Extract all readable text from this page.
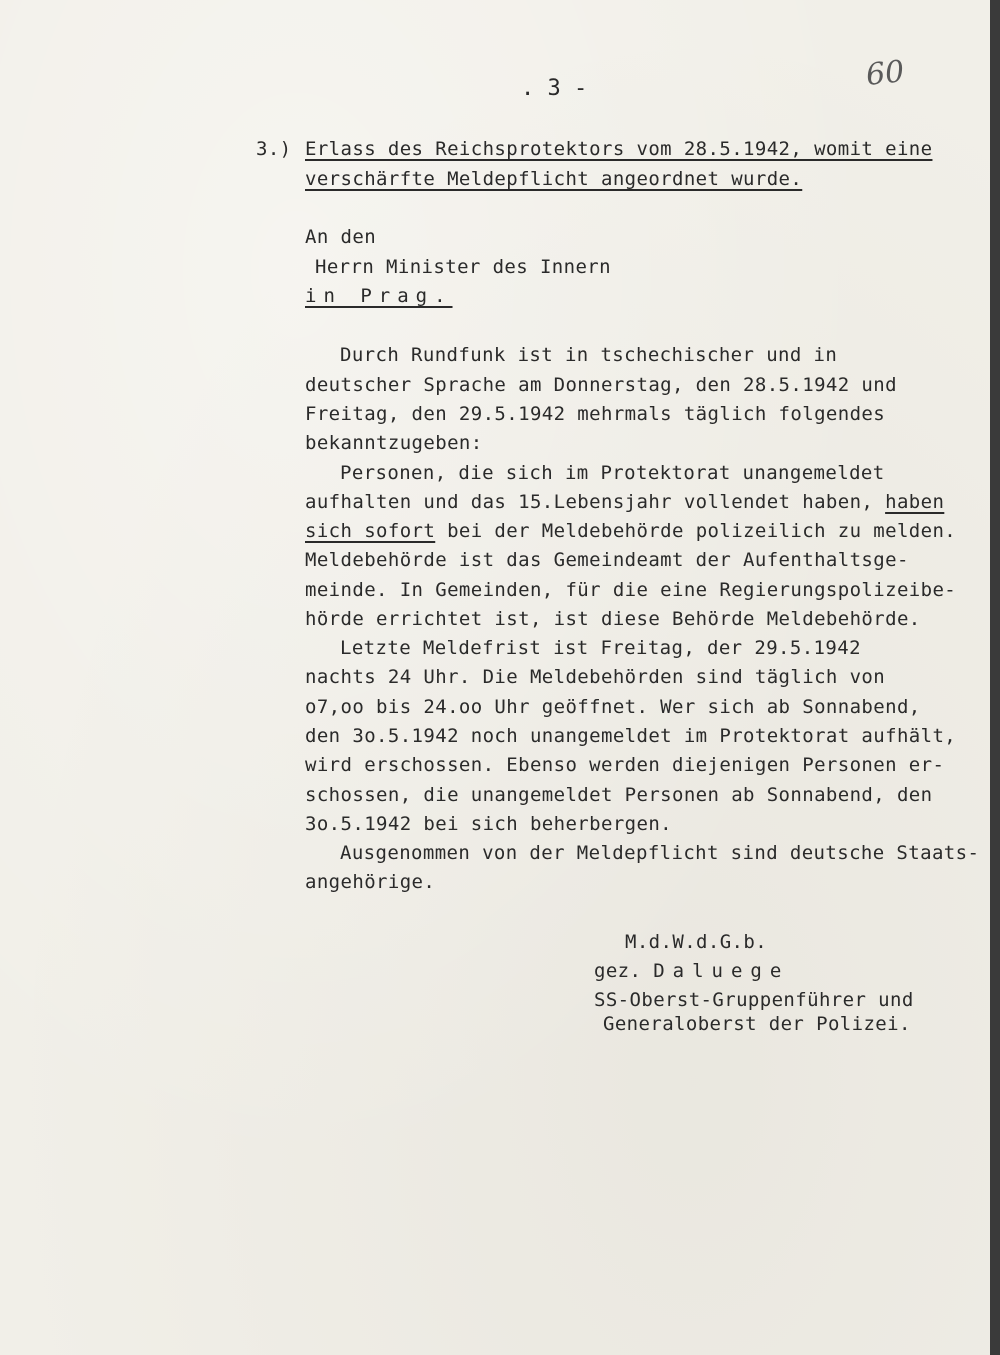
60
. 3 -
3.) Erlass des Reichsprotektors vom 28.5.1942, womit eine
verschärfte Meldepflicht angeordnet wurde.
An den
Herrn Minister des Innern
in Prag.
Durch Rundfunk ist in tschechischer und in
deutscher Sprache am Donnerstag, den 28.5.1942 und
Freitag, den 29.5.1942 mehrmals täglich folgendes
bekanntzugeben:
Personen, die sich im Protektorat unangemeldet
aufhalten und das 15.Lebensjahr vollendet haben, haben
sich sofort bei der Meldebehörde polizeilich zu melden.
Meldebehörde ist das Gemeindeamt der Aufenthaltsge-
meinde. In Gemeinden, für die eine Regierungspolizeibe-
hörde errichtet ist, ist diese Behörde Meldebehörde.
Letzte Meldefrist ist Freitag, der 29.5.1942
nachts 24 Uhr. Die Meldebehörden sind täglich von
o7,oo bis 24.oo Uhr geöffnet. Wer sich ab Sonnabend,
den 3o.5.1942 noch unangemeldet im Protektorat aufhält,
wird erschossen. Ebenso werden diejenigen Personen er-
schossen, die unangemeldet Personen ab Sonnabend, den
3o.5.1942 bei sich beherbergen.
Ausgenommen von der Meldepflicht sind deutsche Staats-
angehörige.
M.d.W.d.G.b.
gez. Daluege
SS-Oberst-Gruppenführer und
Generaloberst der Polizei.
